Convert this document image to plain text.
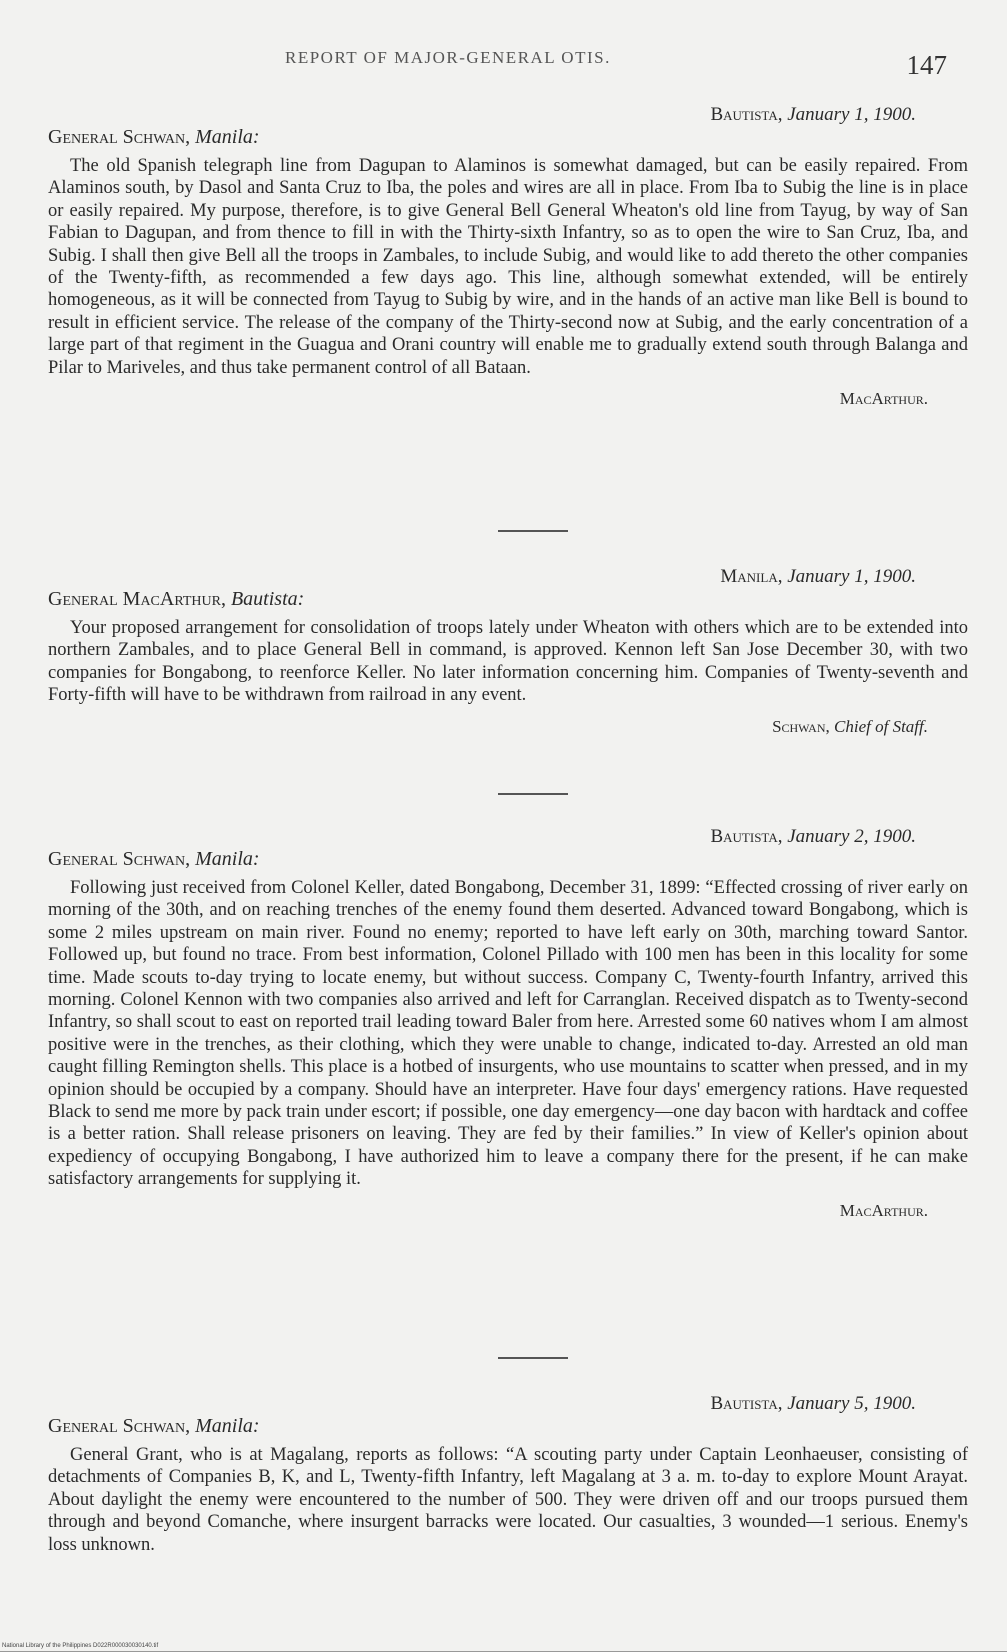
REPORT OF MAJOR-GENERAL OTIS.	147
Bautista, January 1, 1900.
General Schwan, Manila:

The old Spanish telegraph line from Dagupan to Alaminos is somewhat damaged, but can be easily repaired. From Alaminos south, by Dasol and Santa Cruz to Iba, the poles and wires are all in place. From Iba to Subig the line is in place or easily repaired. My purpose, therefore, is to give General Bell General Wheaton's old line from Tayug, by way of San Fabian to Dagupan, and from thence to fill in with the Thirty-sixth Infantry, so as to open the wire to San Cruz, Iba, and Subig. I shall then give Bell all the troops in Zambales, to include Subig, and would like to add thereto the other companies of the Twenty-fifth, as recommended a few days ago. This line, although somewhat extended, will be entirely homogeneous, as it will be connected from Tayug to Subig by wire, and in the hands of an active man like Bell is bound to result in efficient service. The release of the company of the Thirty-second now at Subig, and the early concentration of a large part of that regiment in the Guagua and Orani country will enable me to gradually extend south through Balanga and Pilar to Mariveles, and thus take permanent control of all Bataan.

MacArthur.
Manila, January 1, 1900.
General MacArthur, Bautista:

Your proposed arrangement for consolidation of troops lately under Wheaton with others which are to be extended into northern Zambales, and to place General Bell in command, is approved. Kennon left San Jose December 30, with two companies for Bongabong, to reenforce Keller. No later information concerning him. Companies of Twenty-seventh and Forty-fifth will have to be withdrawn from railroad in any event.

Schwan, Chief of Staff.
Bautista, January 2, 1900.
General Schwan, Manila:

Following just received from Colonel Keller, dated Bongabong, December 31, 1899: “Effected crossing of river early on morning of the 30th, and on reaching trenches of the enemy found them deserted. Advanced toward Bongabong, which is some 2 miles upstream on main river. Found no enemy; reported to have left early on 30th, marching toward Santor. Followed up, but found no trace. From best information, Colonel Pillado with 100 men has been in this locality for some time. Made scouts to-day trying to locate enemy, but without success. Company C, Twenty-fourth Infantry, arrived this morning. Colonel Kennon with two companies also arrived and left for Carranglan. Received dispatch as to Twenty-second Infantry, so shall scout to east on reported trail leading toward Baler from here. Arrested some 60 natives whom I am almost positive were in the trenches, as their clothing, which they were unable to change, indicated to-day. Arrested an old man caught filling Remington shells. This place is a hotbed of insurgents, who use mountains to scatter when pressed, and in my opinion should be occupied by a company. Should have an interpreter. Have four days' emergency rations. Have requested Black to send me more by pack train under escort; if possible, one day emergency—one day bacon with hardtack and coffee is a better ration. Shall release prisoners on leaving. They are fed by their families.” In view of Keller's opinion about expediency of occupying Bongabong, I have authorized him to leave a company there for the present, if he can make satisfactory arrangements for supplying it.

MacArthur.
Bautista, January 5, 1900.
General Schwan, Manila:

General Grant, who is at Magalang, reports as follows: “A scouting party under Captain Leonhaeuser, consisting of detachments of Companies B, K, and L, Twenty-fifth Infantry, left Magalang at 3 a. m. to-day to explore Mount Arayat. About daylight the enemy were encountered to the number of 500. They were driven off and our troops pursued them through and beyond Comanche, where insurgent barracks were located. Our casualties, 3 wounded—1 serious. Enemy's loss unknown.

National Library of the Philippines D022R000030030140.tif
